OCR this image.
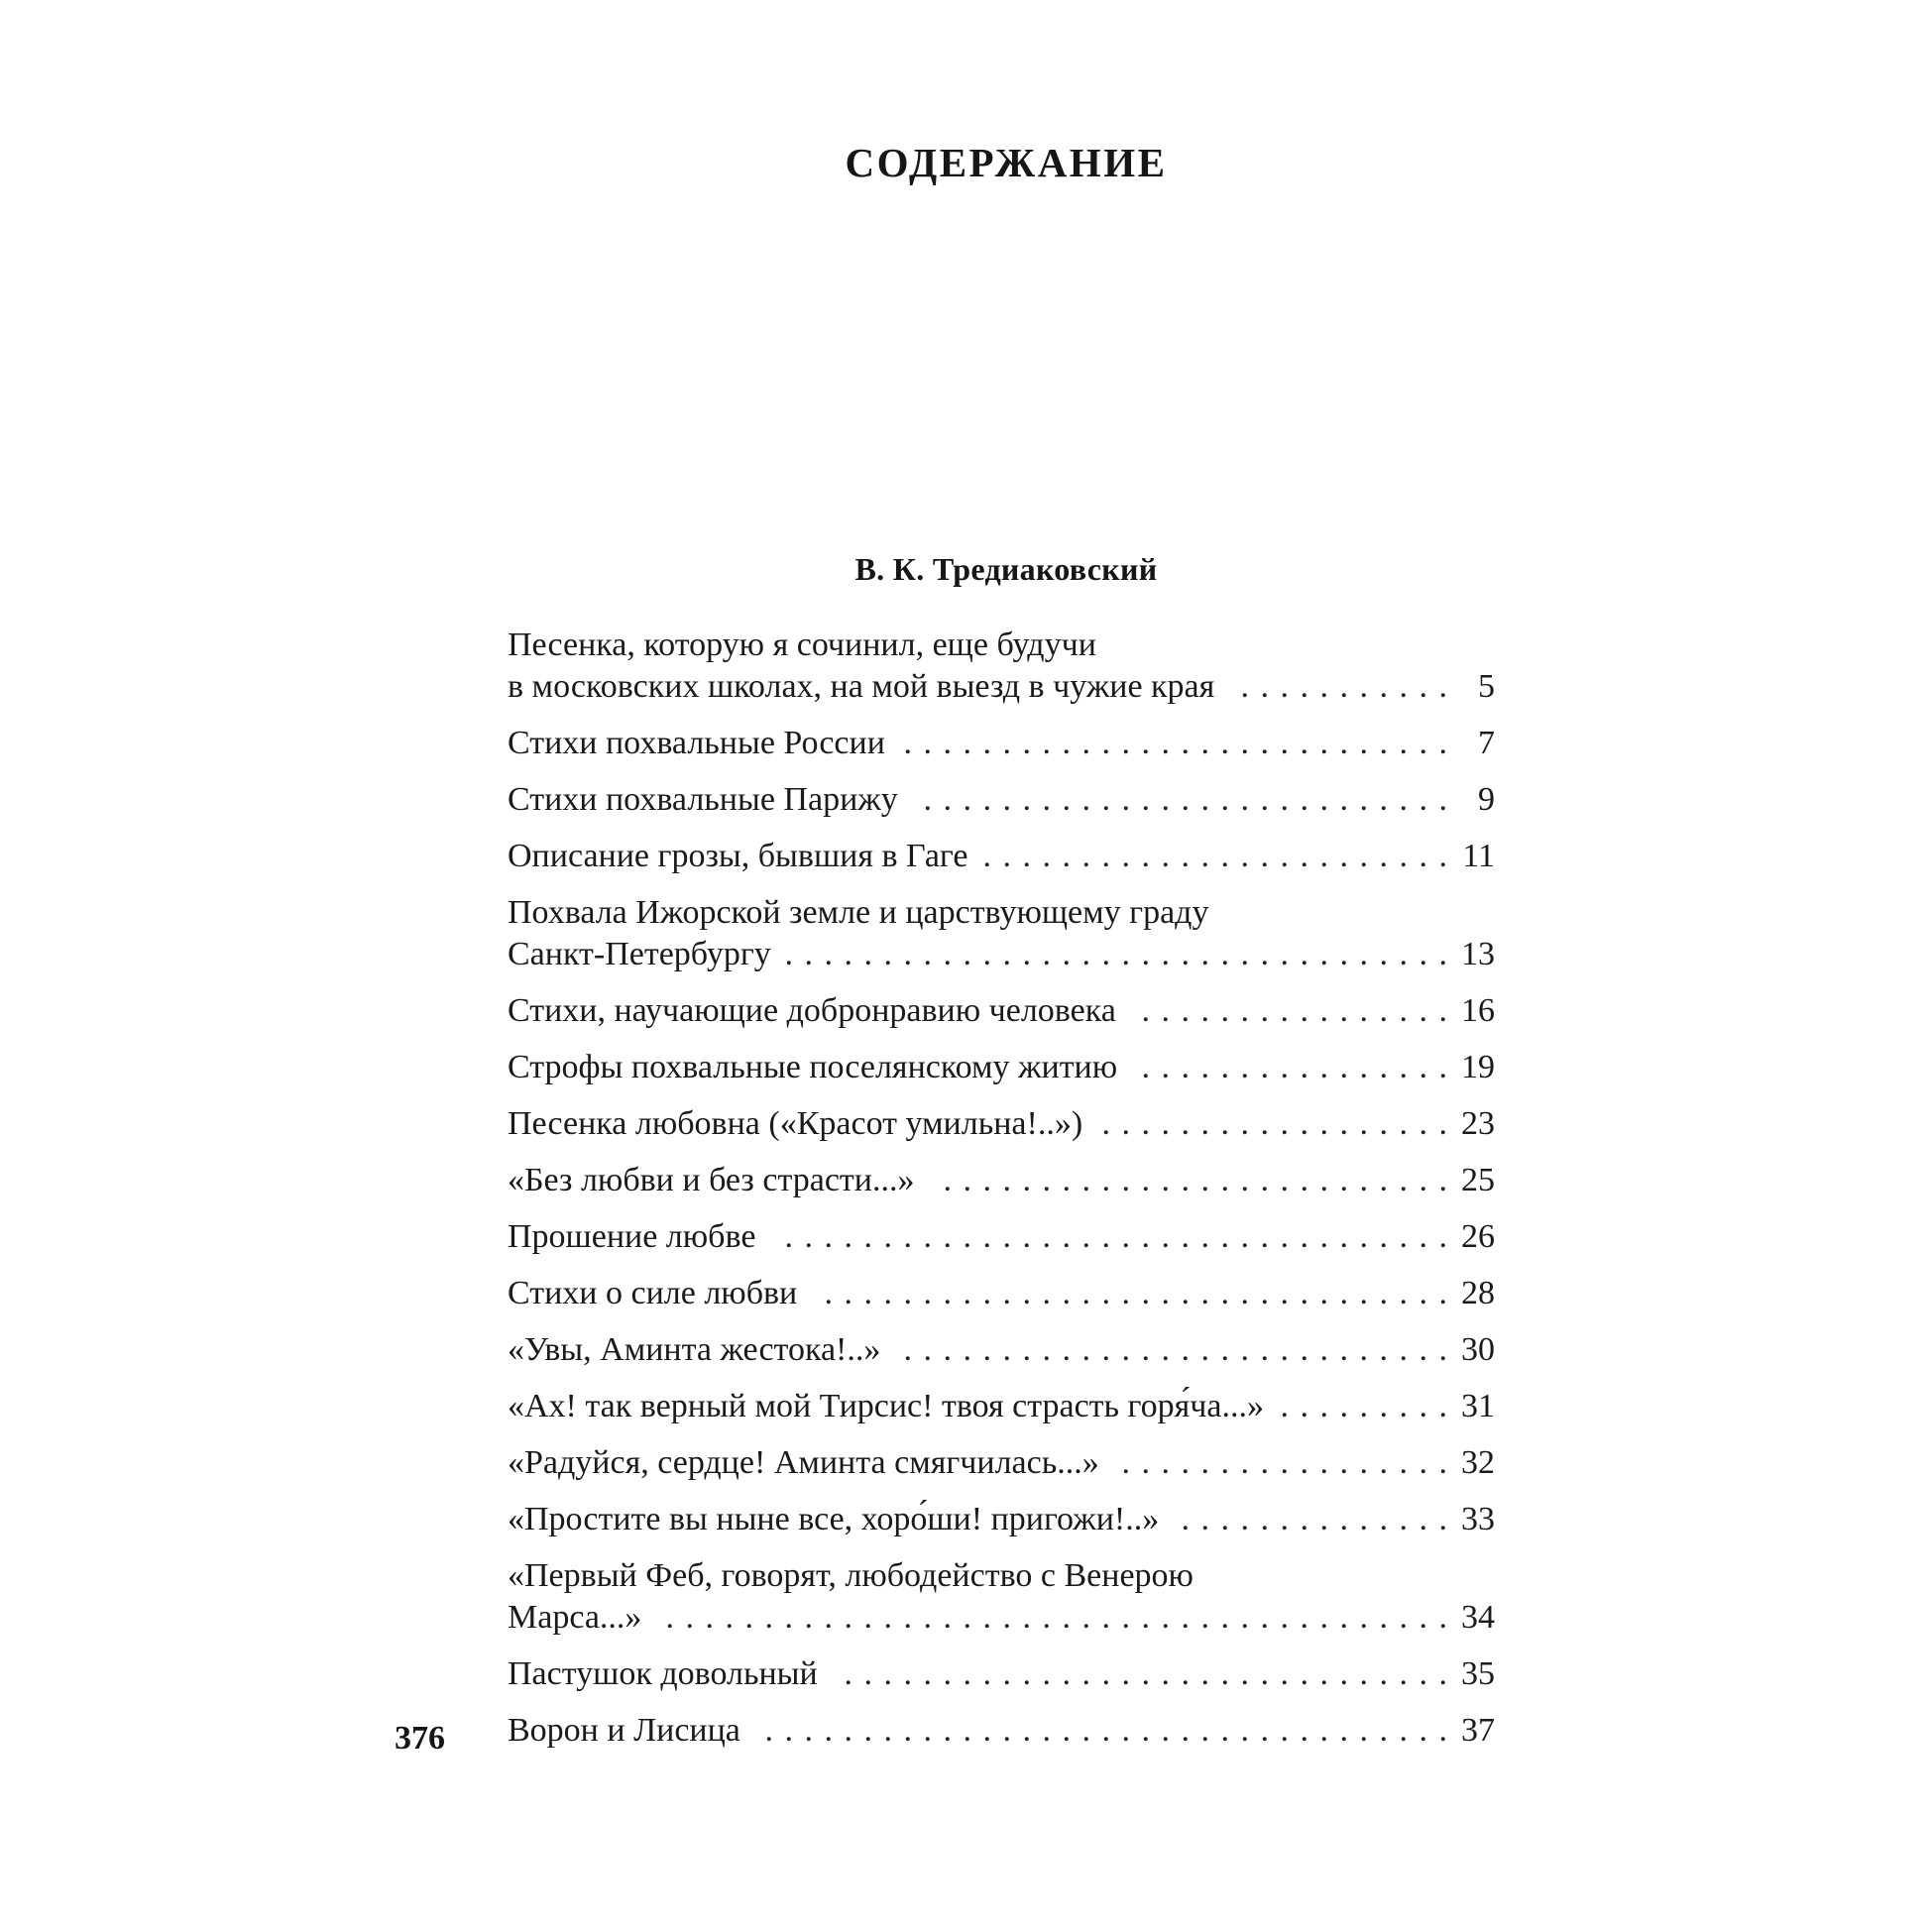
СОДЕРЖАНИЕ
В. К. Тредиаковский
Песенка, которую я сочинил, еще будучи
в московских школах, на мой выезд в чужие края . . .	5
Стихи похвальные России . . .	7
Стихи похвальные Парижу . . .	9
Описание грозы, бывшия в Гаге . . .	11
Похвала Ижорской земле и царствующему граду
Санкт-Петербургу . . .	13
Стихи, научающие добронравию человека . . .	16
Строфы похвальные поселянскому житию . . .	19
Песенка любовна («Красот умильна!..») . . .	23
«Без любви и без страсти...» . . .	25
Прошение любве . . .	26
Стихи о силе любви . . .	28
«Увы, Аминта жестока!..» . . .	30
«Ах! так верный мой Тирсис! твоя страсть горя́ча...» . . .	31
«Радуйся, сердце! Аминта смягчилась...» . . .	32
«Простите вы ныне все, хоро́ши! пригожи!..» . . .	33
«Первый Феб, говорят, любодейство с Венерою
Марса...» . . .	34
Пастушок довольный . . .	35
Ворон и Лисица . . .	37
376
